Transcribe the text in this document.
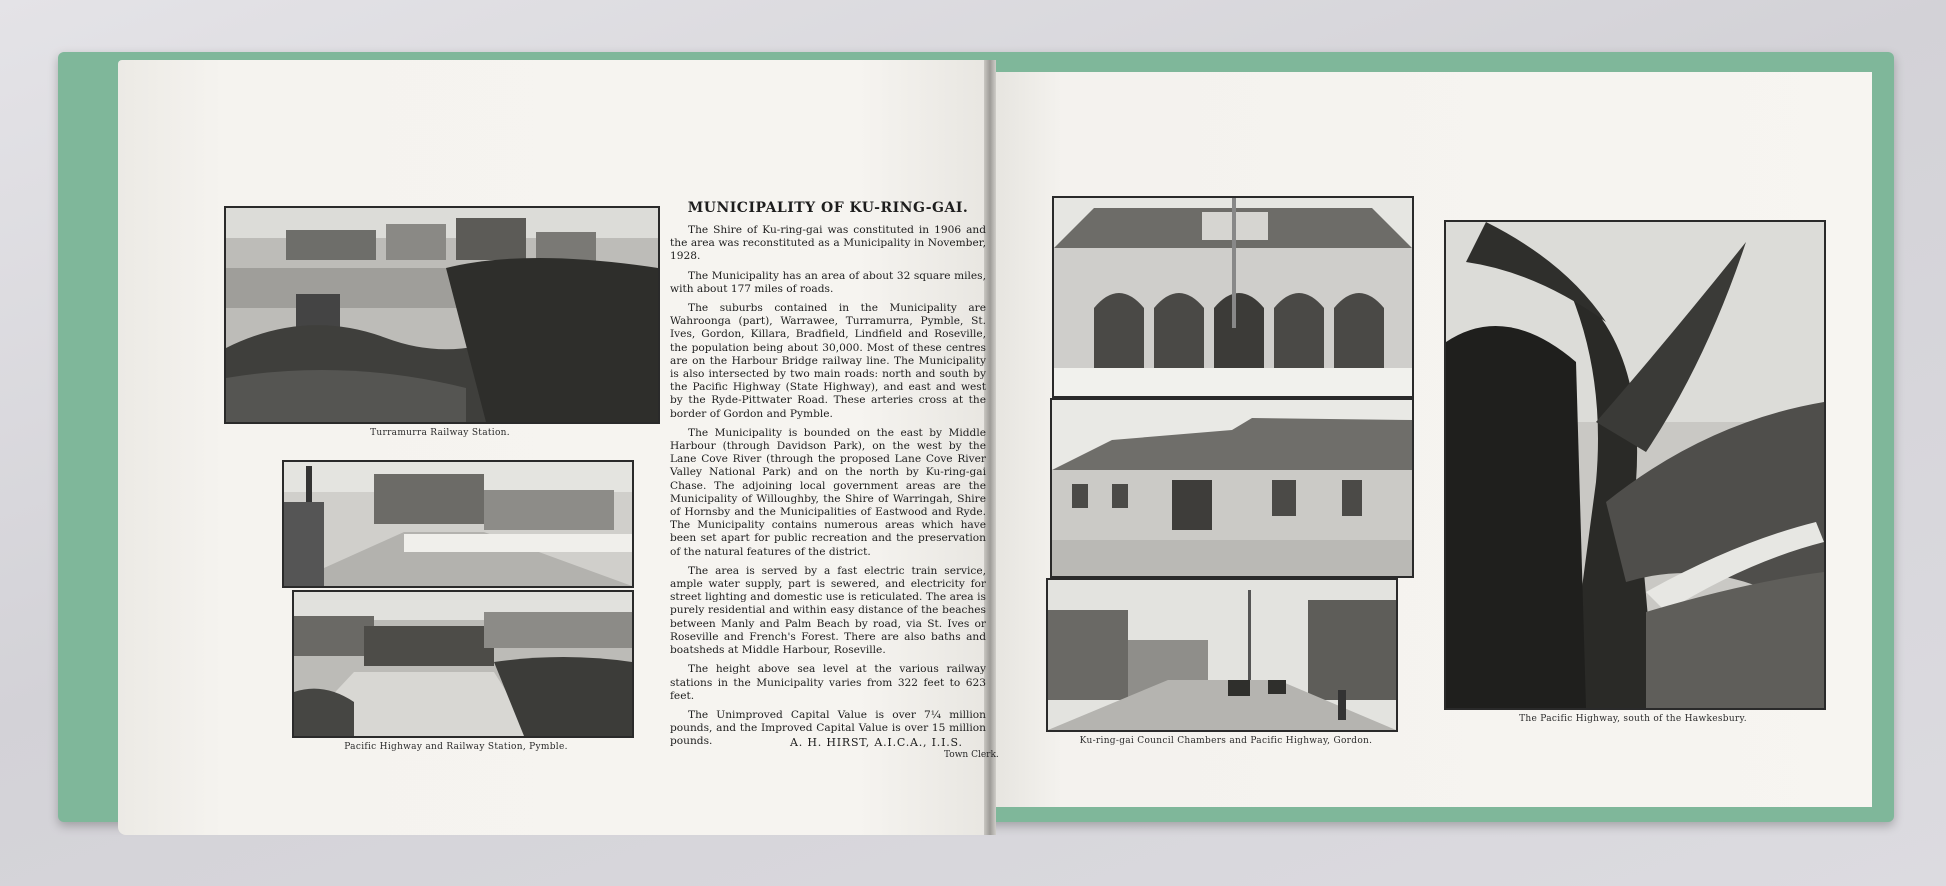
Turramurra Railway Station.
Pacific Highway and Railway Station, Pymble.
MUNICIPALITY OF KU-RING-GAI.

The Shire of Ku-ring-gai was constituted in 1906 and the area was reconstituted as a Municipality in November, 1928.

The Municipality has an area of about 32 square miles, with about 177 miles of roads.

The suburbs contained in the Municipality are Wahroonga (part), Warrawee, Turramurra, Pymble, St. Ives, Gordon, Killara, Bradfield, Lindfield and Roseville, the population being about 30,000. Most of these centres are on the Harbour Bridge railway line. The Municipality is also intersected by two main roads: north and south by the Pacific Highway (State Highway), and east and west by the Ryde-Pittwater Road. These arteries cross at the border of Gordon and Pymble.

The Municipality is bounded on the east by Middle Harbour (through Davidson Park), on the west by the Lane Cove River (through the proposed Lane Cove River Valley National Park) and on the north by Ku-ring-gai Chase. The adjoining local government areas are the Municipality of Willoughby, the Shire of Warringah, Shire of Hornsby and the Municipalities of Eastwood and Ryde. The Municipality contains numerous areas which have been set apart for public recreation and the preservation of the natural features of the district.

The area is served by a fast electric train service, ample water supply, part is sewered, and electricity for street lighting and domestic use is reticulated. The area is purely residential and within easy distance of the beaches between Manly and Palm Beach by road, via St. Ives or Roseville and French's Forest. There are also baths and boatsheds at Middle Harbour, Roseville.

The height above sea level at the various railway stations in the Municipality varies from 322 feet to 623 feet.

The Unimproved Capital Value is over 7¼ million pounds, and the Improved Capital Value is over 15 million pounds.	A. H. HIRST, A.I.C.A., I.I.S.
Town Clerk.
Ku-ring-gai Council Chambers and Pacific Highway, Gordon.
The Pacific Highway, south of the Hawkesbury.
